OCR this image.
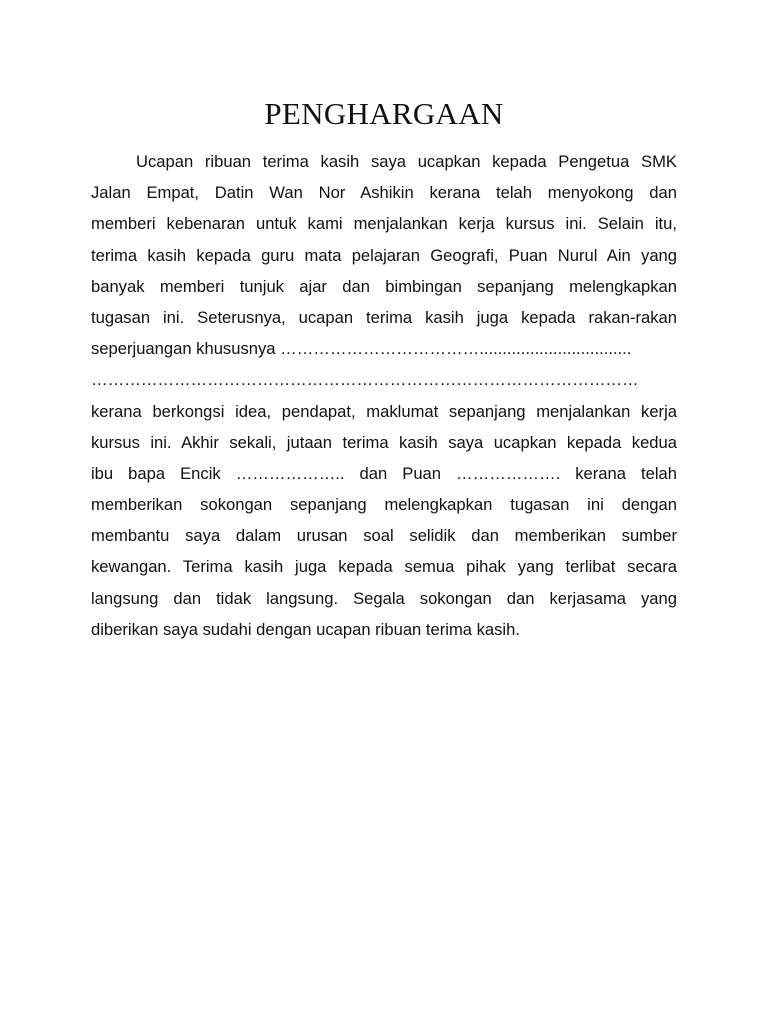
PENGHARGAAN
Ucapan ribuan terima kasih saya ucapkan kepada Pengetua SMK
Jalan Empat, Datin Wan Nor Ashikin kerana telah menyokong dan
memberi kebenaran untuk kami menjalankan kerja kursus ini. Selain itu,
terima kasih kepada guru mata pelajaran Geografi, Puan Nurul Ain yang
banyak memberi tunjuk ajar dan bimbingan sepanjang melengkapkan
tugasan ini. Seterusnya, ucapan terima kasih juga kepada rakan-rakan
seperjuangan khususnya ……………………………….................................
………………………………………………………………………………………
kerana berkongsi idea, pendapat, maklumat sepanjang menjalankan kerja
kursus ini. Akhir sekali, jutaan terima kasih saya ucapkan kepada kedua
ibu bapa Encik ……………….. dan Puan ………………. kerana telah
memberikan sokongan sepanjang melengkapkan tugasan ini dengan
membantu saya dalam urusan soal selidik dan memberikan sumber
kewangan. Terima kasih juga kepada semua pihak yang terlibat secara
langsung dan tidak langsung. Segala sokongan dan kerjasama yang
diberikan saya sudahi dengan ucapan ribuan terima kasih.
